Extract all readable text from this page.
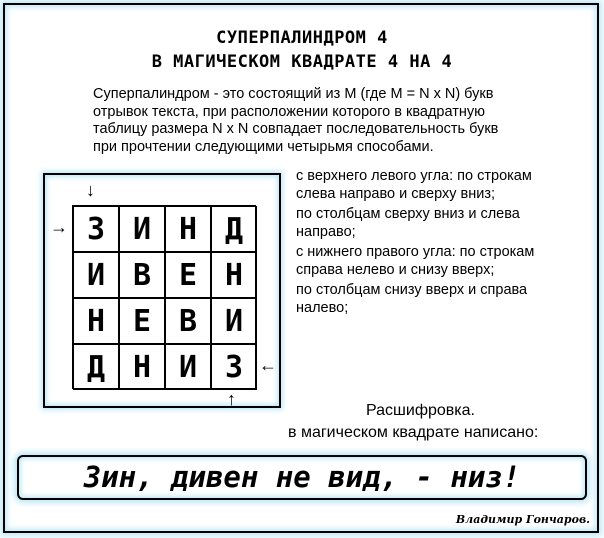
СУПЕРПАЛИНДРОМ 4
В МАГИЧЕСКОМ КВАДРАТЕ 4 НА 4
Суперпалиндром - это состоящий из M (где M = N x N) букв
отрывок текста, при расположении которого в квадратную
таблицу размера N x N совпадает последовательность букв
при прочтении следующими четырьмя способами.
с верхнего левого угла: по строкам
слева направо и сверху вниз;
по столбцам сверху вниз и слева
направо;
с нижнего правого угла: по строкам
справа нелево и снизу вверх;
по столбцам снизу вверх и справа
налево;
З И Н Д
И В Е Н
Н Е В И
Д Н И З
↓
→
←
↑
Расшифровка.
в магическом квадрате написано:
Зин, дивен не вид, - низ!
Владимир Гончаров.
